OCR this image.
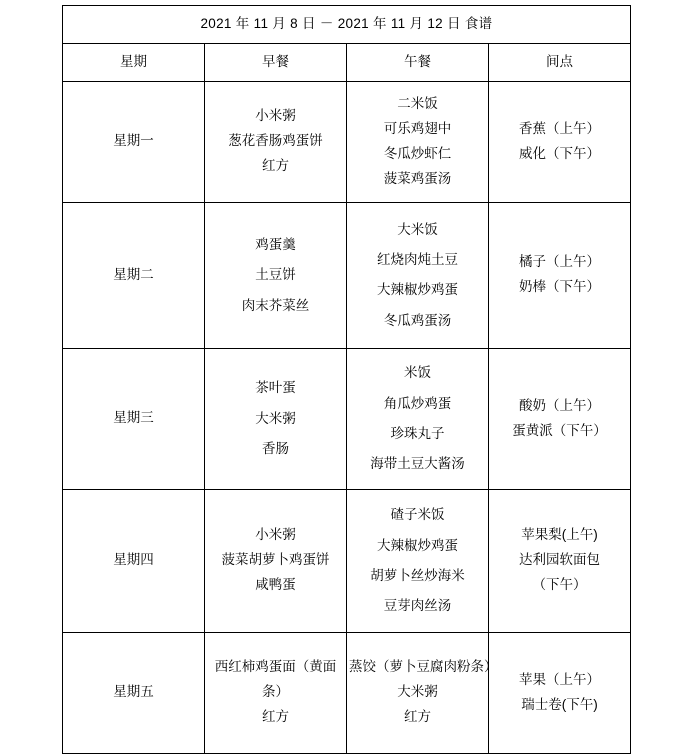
2021 年 11 月 8 日 － 2021 年 11 月 12 日 食谱			
星期	早餐	午餐	间点
星期一	小米粥
葱花香肠鸡蛋饼
红方	二米饭
可乐鸡翅中
冬瓜炒虾仁
菠菜鸡蛋汤	香蕉（上午）
威化（下午）

星期二	鸡蛋羹
土豆饼
肉末芥菜丝	大米饭
红烧肉炖土豆
大辣椒炒鸡蛋
冬瓜鸡蛋汤	橘子（上午）
奶棒（下午）

星期三	茶叶蛋
大米粥
香肠	米饭
角瓜炒鸡蛋
珍珠丸子
海带土豆大酱汤	酸奶（上午）
蛋黄派（下午）

星期四	小米粥
菠菜胡萝卜鸡蛋饼
咸鸭蛋	碴子米饭
大辣椒炒鸡蛋
胡萝卜丝炒海米
豆芽肉丝汤	苹果梨(上午)
达利园软面包
（下午）

星期五	西红柿鸡蛋面（黄面
条）
红方	蒸饺（萝卜豆腐肉粉条）
大米粥
红方	苹果（上午）
瑞士卷(下午)
